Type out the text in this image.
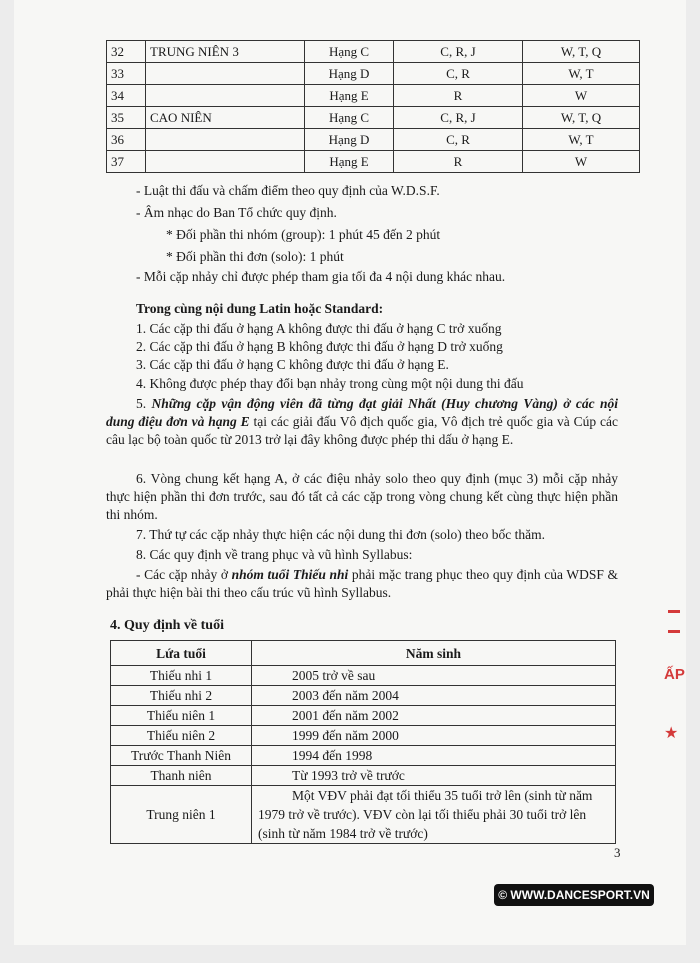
32	TRUNG NIÊN 3	Hạng C	C, R, J	W, T, Q
33		Hạng D	C, R	W, T
34		Hạng E	R	W
35	CAO NIÊN	Hạng C	C, R, J	W, T, Q
36		Hạng D	C, R	W, T
37		Hạng E	R	W
- Luật thi đấu và chấm điểm theo quy định của W.D.S.F.
- Âm nhạc do Ban Tổ chức quy định.
* Đối phần thi nhóm (group): 1 phút 45 đến 2 phút
* Đối phần thi đơn (solo): 1 phút
- Mỗi cặp nhảy chỉ được phép tham gia tối đa 4 nội dung khác nhau.
Trong cùng nội dung Latin hoặc Standard:
1. Các cặp thi đấu ở hạng A không được thi đấu ở hạng C trở xuống
2. Các cặp thi đấu ở hạng B không được thi đấu ở hạng D trở xuống
3. Các cặp thi đấu ở hạng C không được thi đấu ở hạng E.
4. Không được phép thay đổi bạn nhảy trong cùng một nội dung thi đấu
5. Những cặp vận động viên đã từng đạt giải Nhất (Huy chương Vàng) ở các nội dung điệu đơn và hạng E tại các giải đấu Vô địch quốc gia, Vô địch trẻ quốc gia và Cúp các câu lạc bộ toàn quốc từ 2013 trở lại đây không được phép thi dấu ở hạng E.
6. Vòng chung kết hạng A, ở các điệu nhảy solo theo quy định (mục 3) mỗi cặp nhảy thực hiện phần thi đơn trước, sau đó tất cả các cặp trong vòng chung kết cùng thực hiện phần thi nhóm.
7. Thứ tự các cặp nhảy thực hiện các nội dung thi đơn (solo) theo bốc thăm.
8. Các quy định về trang phục và vũ hình Syllabus:
- Các cặp nhảy ở nhóm tuổi Thiếu nhi phải mặc trang phục theo quy định của WDSF & phải thực hiện bài thi theo cấu trúc vũ hình Syllabus.
4. Quy định về tuổi
Lứa tuổi	Năm sinh
Thiếu nhi 1	2005 trở về sau
Thiếu nhi 2	2003 đến năm 2004
Thiếu niên 1	2001 đến năm 2002
Thiếu niên 2	1999 đến năm 2000
Trước Thanh Niên	1994 đến 1998
Thanh niên	Từ 1993 trở về trước
Trung niên 1	Một VĐV phải đạt tối thiểu 35 tuổi trở lên (sinh từ năm 1979 trở về trước). VĐV còn lại tối thiểu phải 30 tuổi trở lên (sinh từ năm 1984 trở về trước)
3
© WWW.DANCESPORT.VN
ẤP
★
